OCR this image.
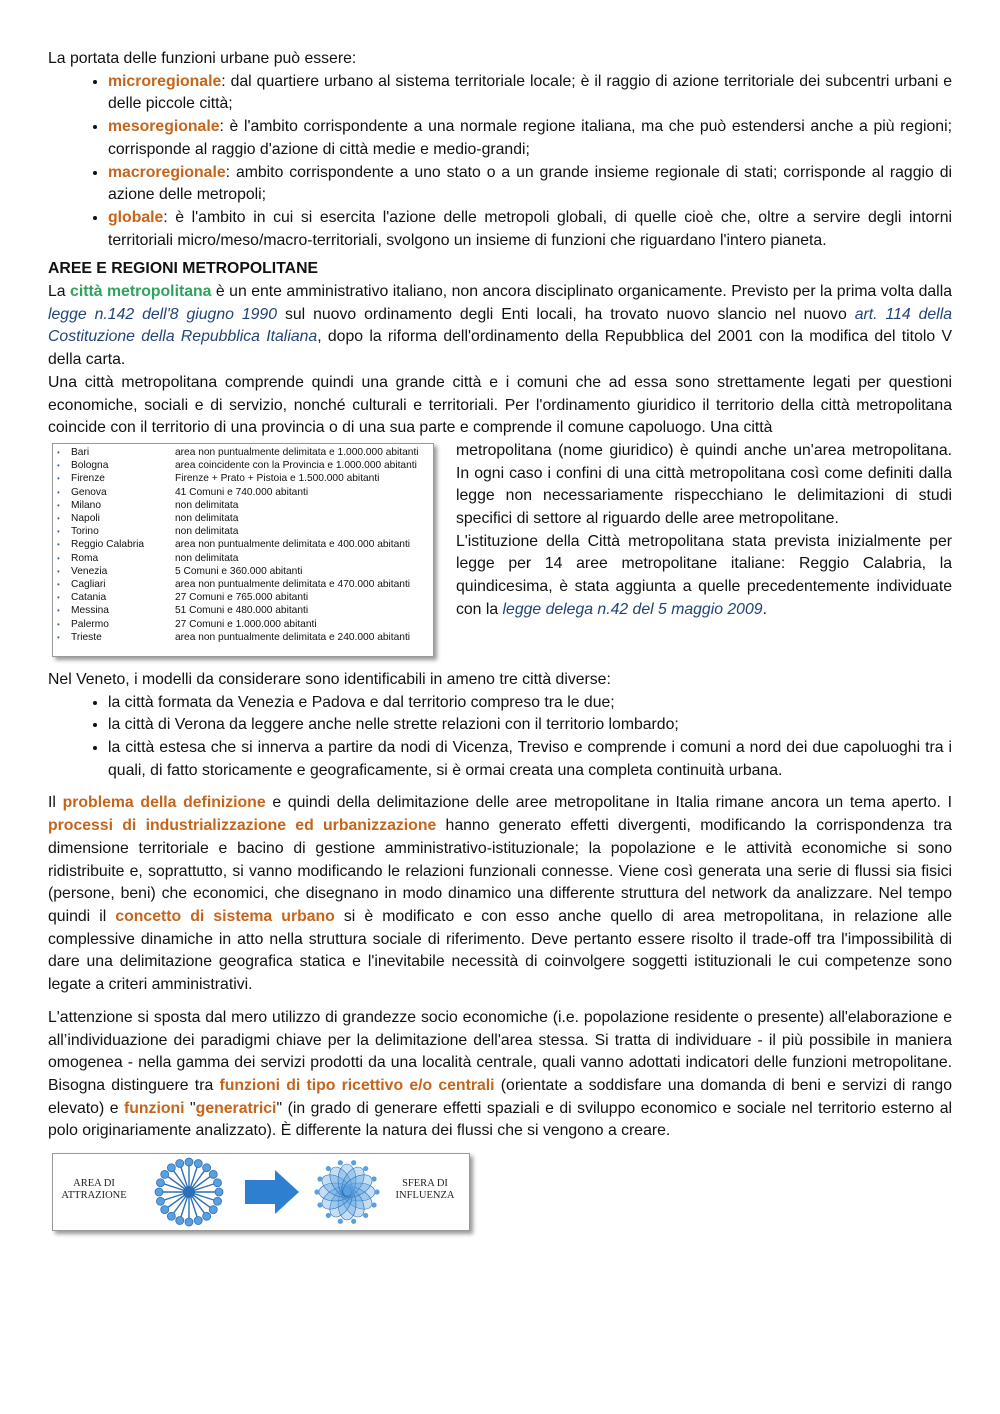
La portata delle funzioni urbane può essere:

• microregionale: dal quartiere urbano al sistema territoriale locale; è il raggio di azione territoriale dei subcentri urbani e delle piccole città;
• mesoregionale: è l'ambito corrispondente a una normale regione italiana, ma che può estendersi anche a più regioni; corrisponde al raggio d'azione di città medie e medio-grandi;
• macroregionale: ambito corrispondente a uno stato o a un grande insieme regionale di stati; corrisponde al raggio di azione delle metropoli;
• globale: è l'ambito in cui si esercita l'azione delle metropoli globali, di quelle cioè che, oltre a servire degli intorni territoriali micro/meso/macro-territoriali, svolgono un insieme di funzioni che riguardano l'intero pianeta.

AREE E REGIONI METROPOLITANE

La città metropolitana è un ente amministrativo italiano, non ancora disciplinato organicamente. Previsto per la prima volta dalla legge n.142 dell'8 giugno 1990 sul nuovo ordinamento degli Enti locali, ha trovato nuovo slancio nel nuovo art. 114 della Costituzione della Repubblica Italiana, dopo la riforma dell'ordinamento della Repubblica del 2001 con la modifica del titolo V della carta.

Una città metropolitana comprende quindi una grande città e i comuni che ad essa sono strettamente legati per questioni economiche, sociali e di servizio, nonché culturali e territoriali. Per l'ordinamento giuridico il territorio della città metropolitana coincide con il territorio di una provincia o di una sua parte e comprende il comune capoluogo. Una città

•	Bari	area non puntualmente delimitata e 1.000.000 abitanti
•	Bologna	area coincidente con la Provincia e 1.000.000 abitanti
•	Firenze	Firenze + Prato + Pistoia e 1.500.000 abitanti
•	Genova	41 Comuni e 740.000 abitanti
•	Milano	non delimitata
•	Napoli	non delimitata
•	Torino	non delimitata
•	Reggio Calabria	area non puntualmente delimitata e 400.000 abitanti
•	Roma	non delimitata
•	Venezia	5 Comuni e 360.000 abitanti
•	Cagliari	area non puntualmente delimitata e 470.000 abitanti
•	Catania	27 Comuni e 765.000 abitanti
•	Messina	51 Comuni e 480.000 abitanti
•	Palermo	27 Comuni e 1.000.000 abitanti
•	Trieste	area non puntualmente delimitata e 240.000 abitanti

metropolitana (nome giuridico) è quindi anche un'area metropolitana. In ogni caso i confini di una città metropolitana così come definiti dalla legge non necessariamente rispecchiano le delimitazioni di studi specifici di settore al riguardo delle aree metropolitane.

L'istituzione della Città metropolitana stata prevista inizialmente per legge per 14 aree metropolitane italiane: Reggio Calabria, la quindicesima, è stata aggiunta a quelle precedentemente individuate con la legge delega n.42 del 5 maggio 2009.

Nel Veneto, i modelli da considerare sono identificabili in ameno tre città diverse:

• la città formata da Venezia e Padova e dal territorio compreso tra le due;
• la città di Verona da leggere anche nelle strette relazioni con il territorio lombardo;
• la città estesa che si innerva a partire da nodi di Vicenza, Treviso e comprende i comuni a nord dei due capoluoghi tra i quali, di fatto storicamente e geograficamente, si è ormai creata una completa continuità urbana.

Il problema della definizione e quindi della delimitazione delle aree metropolitane in Italia rimane ancora un tema aperto. I processi di industrializzazione ed urbanizzazione hanno generato effetti divergenti, modificando la corrispondenza tra dimensione territoriale e bacino di gestione amministrativo-istituzionale; la popolazione e le attività economiche si sono ridistribuite e, soprattutto, si vanno modificando le relazioni funzionali connesse. Viene così generata una serie di flussi sia fisici (persone, beni) che economici, che disegnano in modo dinamico una differente struttura del network da analizzare. Nel tempo quindi il concetto di sistema urbano si è modificato e con esso anche quello di area metropolitana, in relazione alle complessive dinamiche in atto nella struttura sociale di riferimento. Deve pertanto essere risolto il trade-off tra l'impossibilità di dare una delimitazione geografica statica e l'inevitabile necessità di coinvolgere soggetti istituzionali le cui competenze sono legate a criteri amministrativi.

L'attenzione si sposta dal mero utilizzo di grandezze socio economiche (i.e. popolazione residente o presente) all'elaborazione e all’individuazione dei paradigmi chiave per la delimitazione dell'area stessa. Si tratta di individuare - il più possibile in maniera omogenea - nella gamma dei servizi prodotti da una località centrale, quali vanno adottati indicatori delle funzioni metropolitane. Bisogna distinguere tra funzioni di tipo ricettivo e/o centrali (orientate a soddisfare una domanda di beni e servizi di rango elevato) e funzioni "generatrici" (in grado di generare effetti spaziali e di sviluppo economico e sociale nel territorio esterno al polo originariamente analizzato). È differente la natura dei flussi che si vengono a creare.

AREA DI
ATTRAZIONE
SFERA DI
INFLUENZA
